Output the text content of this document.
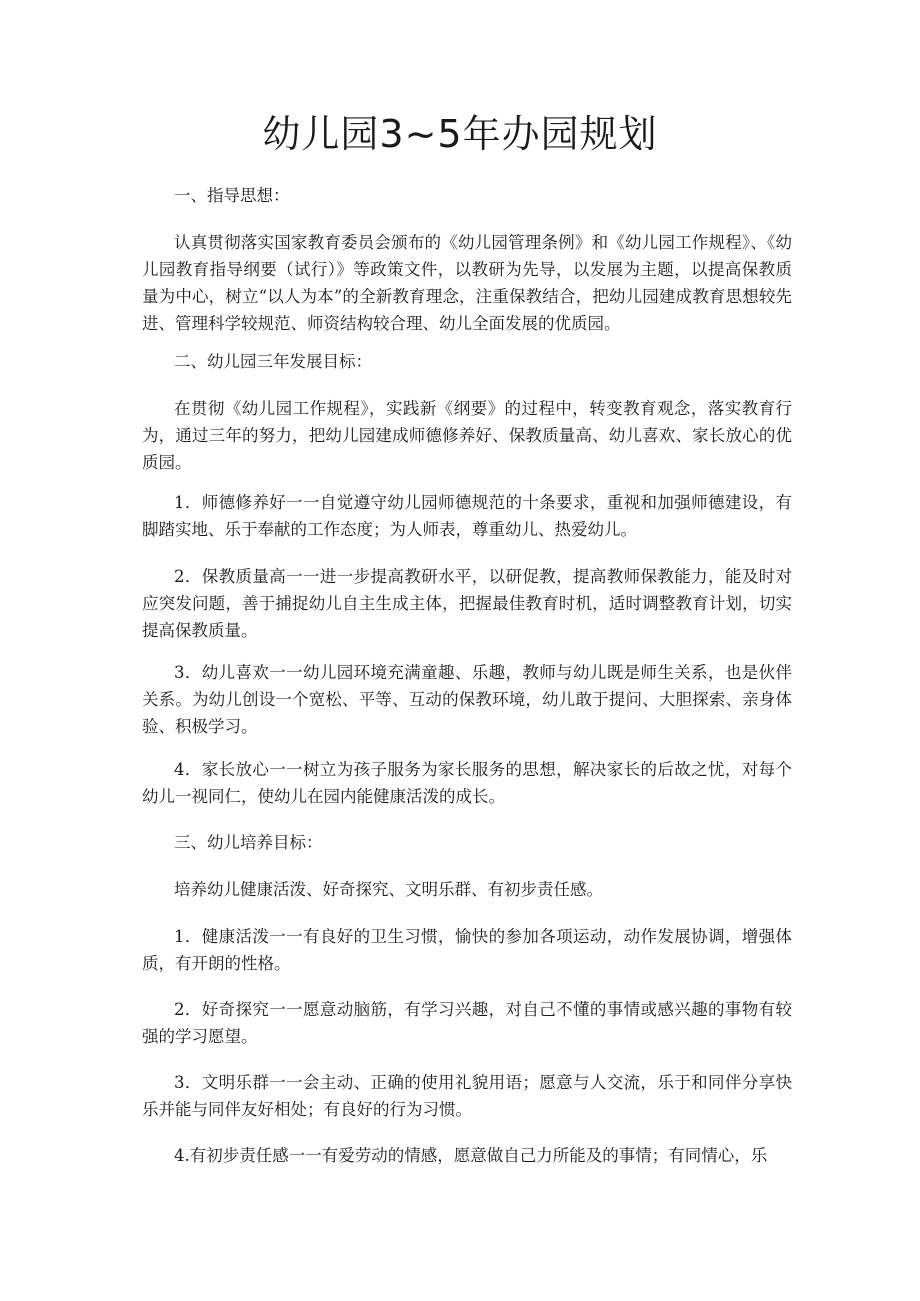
幼儿园3~5年办园规划

一、指导思想：

认真贯彻落实国家教育委员会颁布的《幼儿园管理条例》和《幼儿园工作规程》、《幼儿园教育指导纲要（试行）》等政策文件，以教研为先导，以发展为主题，以提高保教质量为中心，树立“以人为本”的全新教育理念，注重保教结合，把幼儿园建成教育思想较先进、管理科学较规范、师资结构较合理、幼儿全面发展的优质园。

二、幼儿园三年发展目标：

在贯彻《幼儿园工作规程》，实践新《纲要》的过程中，转变教育观念，落实教育行为，通过三年的努力，把幼儿园建成师德修养好、保教质量高、幼儿喜欢、家长放心的优质园。

1．师德修养好一一自觉遵守幼儿园师德规范的十条要求，重视和加强师德建设，有脚踏实地、乐于奉献的工作态度；为人师表，尊重幼儿、热爱幼儿。

2．保教质量高一一进一步提高教研水平，以研促教，提高教师保教能力，能及时对应突发问题，善于捕捉幼儿自主生成主体，把握最佳教育时机，适时调整教育计划，切实提高保教质量。

3．幼儿喜欢一一幼儿园环境充满童趣、乐趣，教师与幼儿既是师生关系，也是伙伴关系。为幼儿创设一个宽松、平等、互动的保教环境，幼儿敢于提问、大胆探索、亲身体验、积极学习。

4．家长放心一一树立为孩子服务为家长服务的思想，解决家长的后故之忧，对每个幼儿一视同仁，使幼儿在园内能健康活泼的成长。

三、幼儿培养目标：

培养幼儿健康活泼、好奇探究、文明乐群、有初步责任感。

1．健康活泼一一有良好的卫生习惯，愉快的参加各项运动，动作发展协调，增强体质，有开朗的性格。

2．好奇探究一一愿意动脑筋，有学习兴趣，对自己不懂的事情或感兴趣的事物有较强的学习愿望。

3．文明乐群一一会主动、正确的使用礼貌用语；愿意与人交流，乐于和同伴分享快乐并能与同伴友好相处；有良好的行为习惯。

4.有初步责任感一一有爱劳动的情感，愿意做自己力所能及的事情；有同情心，乐
